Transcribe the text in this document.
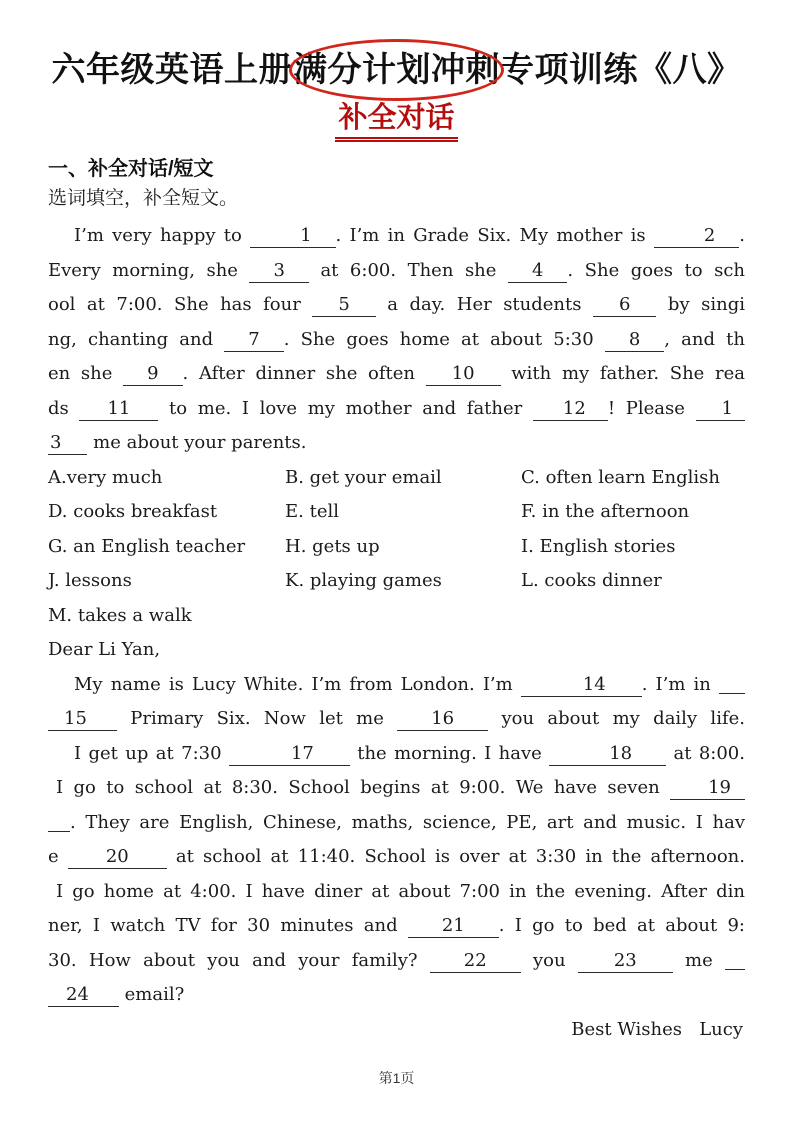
六年级英语上册满分计划冲刺专项训练《八》
补全对话
一、补全对话/短文
选词填空，补全短文。
I’m very happy to	1 . I’m in Grade Six. My mother is	2 .
Every morning, she 3 at 6:00. Then she 4 . She goes to sch
ool at 7:00. She has four 5 a day. Her students 6 by singi
ng, chanting and 7 . She goes home at about 5:30 8 , and th
en she 9 . After dinner she often 10 with my father. She rea
ds 11 to me. I love my mother and father 12 ! Please 1
3 me about your parents.
A.very much	B. get your email	C. often learn English
D. cooks breakfast	E. tell	F. in the afternoon
G. an English teacher	H. gets up	I. English stories
J. lessons	K. playing games	L. cooks dinner
M. takes a walk
Dear Li Yan,
My name is Lucy White. I’m from London. I’m	14 . I’m in
15 Primary Six. Now let me 16 you about my daily life.
I get up at 7:30	17 the morning. I have	18 at 8:00.
I go to school at 8:30. School begins at 9:00. We have seven 19
. They are English, Chinese, maths, science, PE, art and music. I hav
e 20 at school at 11:40. School is over at 3:30 in the afternoon.
I go home at 4:00. I have diner at about 7:00 in the evening. After din
ner, I watch TV for 30 minutes and 21 . I go to bed at about 9:
30. How about you and your family? 22 you 23 me
24 email?
Best Wishes   Lucy
第1页
